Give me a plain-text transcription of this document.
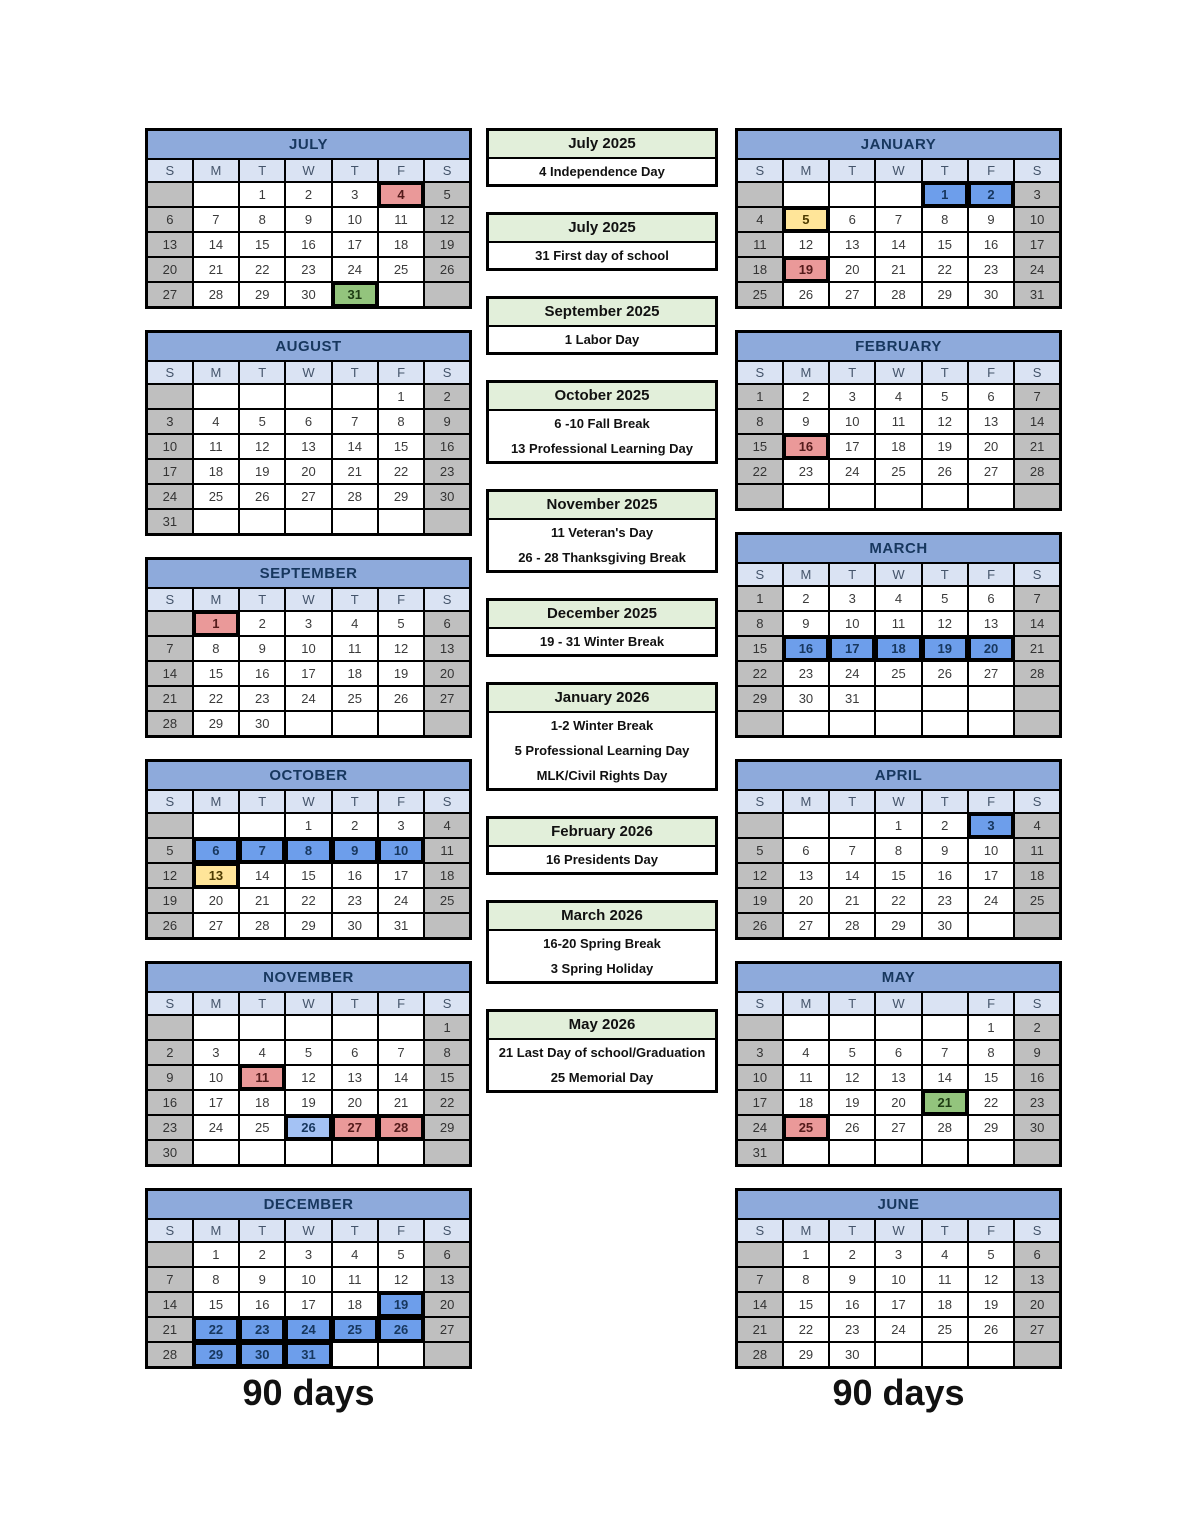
JULY						
S	M	T	W	T	F	S
		1	2	3	4	5
6	7	8	9	10	11	12
13	14	15	16	17	18	19
20	21	22	23	24	25	26
27	28	29	30	31		
AUGUST						
S	M	T	W	T	F	S
					1	2
3	4	5	6	7	8	9
10	11	12	13	14	15	16
17	18	19	20	21	22	23
24	25	26	27	28	29	30
31						
SEPTEMBER						
S	M	T	W	T	F	S
	1	2	3	4	5	6
7	8	9	10	11	12	13
14	15	16	17	18	19	20
21	22	23	24	25	26	27
28	29	30				
OCTOBER						
S	M	T	W	T	F	S
			1	2	3	4
5	6	7	8	9	10	11
12	13	14	15	16	17	18
19	20	21	22	23	24	25
26	27	28	29	30	31	
NOVEMBER						
S	M	T	W	T	F	S
						1
2	3	4	5	6	7	8
9	10	11	12	13	14	15
16	17	18	19	20	21	22
23	24	25	26	27	28	29
30						
DECEMBER						
S	M	T	W	T	F	S
	1	2	3	4	5	6
7	8	9	10	11	12	13
14	15	16	17	18	19	20
21	22	23	24	25	26	27
28	29	30	31			
July 2025
4 Independence Day
July 2025
31 First day of school
September 2025
1 Labor Day
October 2025
6 -10 Fall Break
13 Professional Learning Day
November 2025
11 Veteran's Day
26 - 28 Thanksgiving Break
December 2025
19 - 31 Winter Break
January 2026
1-2 Winter Break
5 Professional Learning Day
MLK/Civil Rights Day
February 2026
16 Presidents Day
March 2026
16-20 Spring Break
3 Spring Holiday
May 2026
21 Last Day of school/Graduation
25 Memorial Day
JANUARY						
S	M	T	W	T	F	S
				1	2	3
4	5	6	7	8	9	10
11	12	13	14	15	16	17
18	19	20	21	22	23	24
25	26	27	28	29	30	31
FEBRUARY						
S	M	T	W	T	F	S
1	2	3	4	5	6	7
8	9	10	11	12	13	14
15	16	17	18	19	20	21
22	23	24	25	26	27	28

MARCH						
S	M	T	W	T	F	S
1	2	3	4	5	6	7
8	9	10	11	12	13	14
15	16	17	18	19	20	21
22	23	24	25	26	27	28
29	30	31				

APRIL						
S	M	T	W	T	F	S
			1	2	3	4
5	6	7	8	9	10	11
12	13	14	15	16	17	18
19	20	21	22	23	24	25
26	27	28	29	30		
MAY						
S	M	T	W		F	S
					1	2
3	4	5	6	7	8	9
10	11	12	13	14	15	16
17	18	19	20	21	22	23
24	25	26	27	28	29	30
31						
JUNE						
S	M	T	W	T	F	S
	1	2	3	4	5	6
7	8	9	10	11	12	13
14	15	16	17	18	19	20
21	22	23	24	25	26	27
28	29	30				
90 days	90 days
